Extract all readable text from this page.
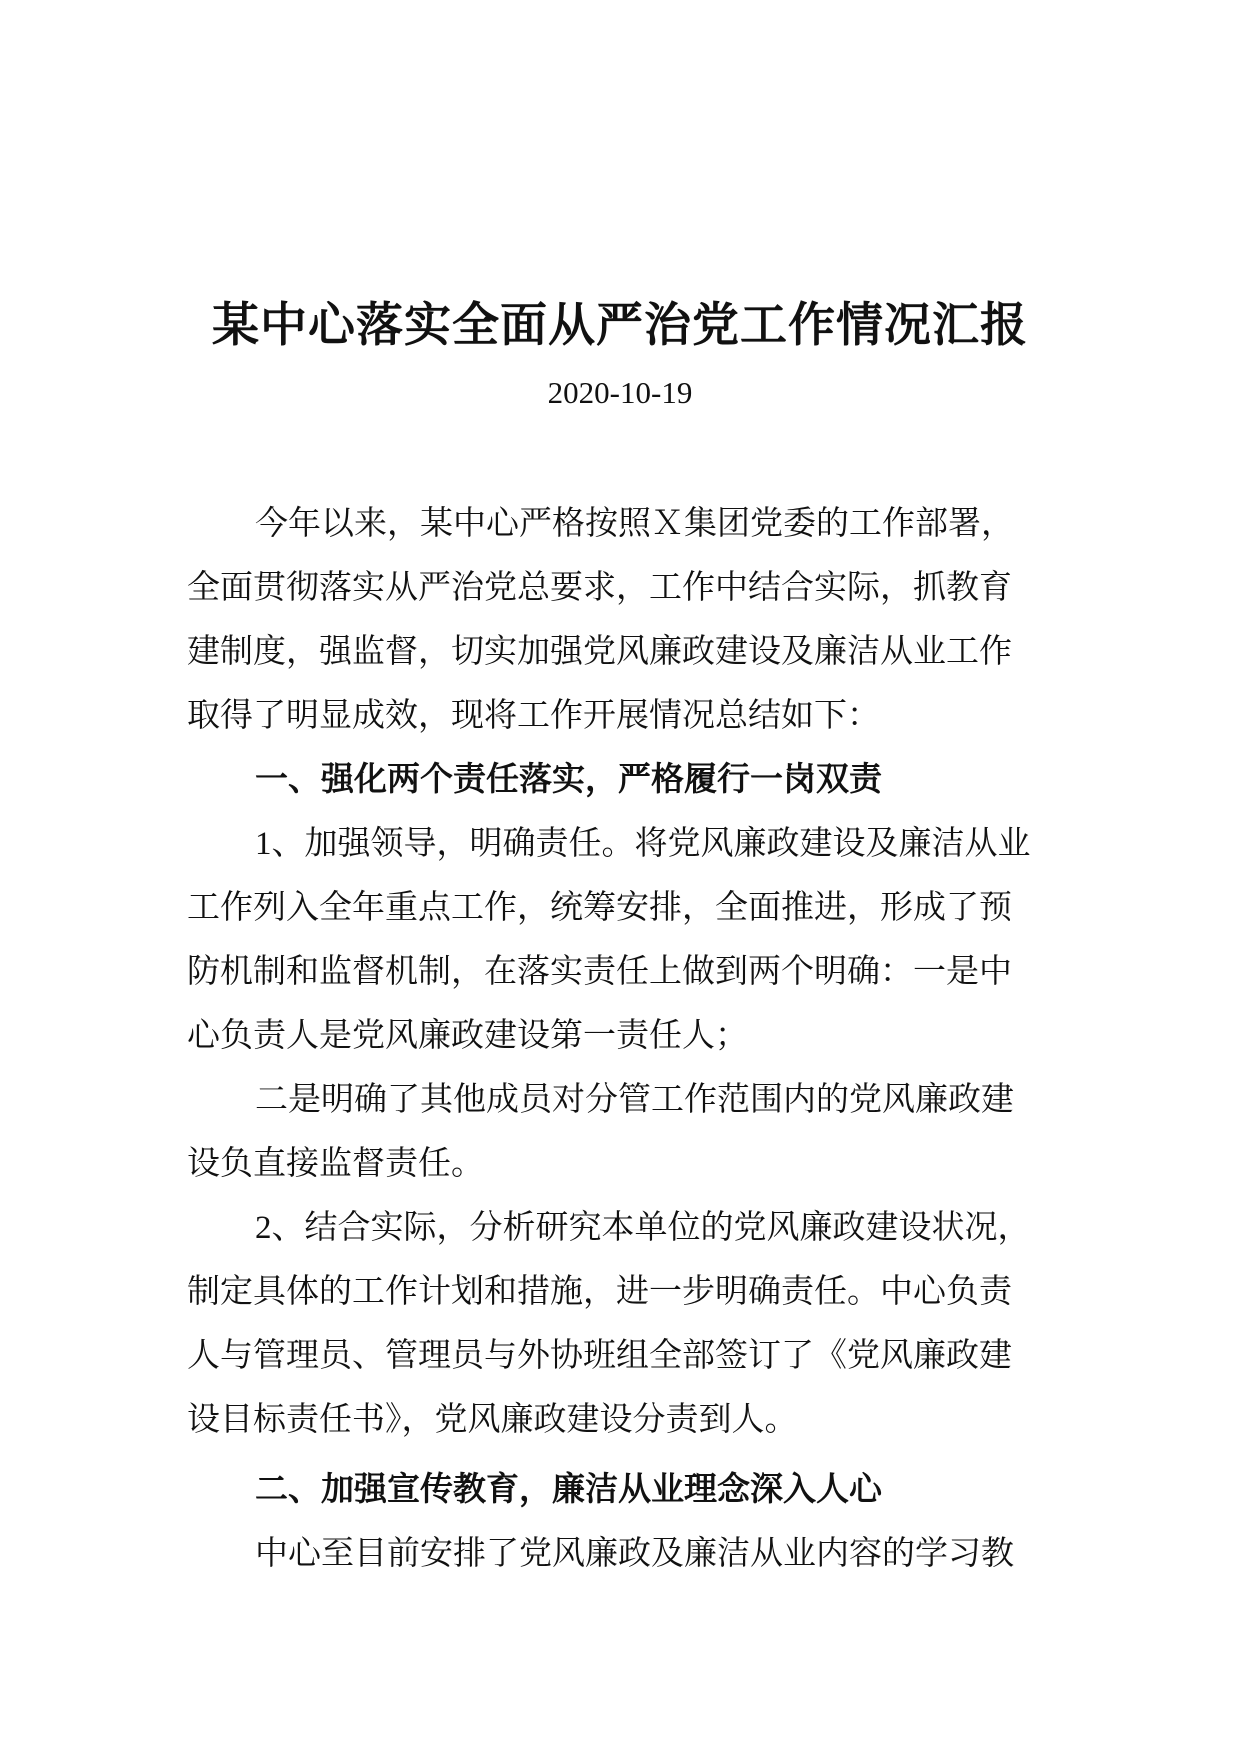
某中心落实全面从严治党工作情况汇报
2020-10-19
今年以来，某中心严格按照Ｘ集团党委的工作部署，
全面贯彻落实从严治党总要求，工作中结合实际，抓教育
建制度，强监督，切实加强党风廉政建设及廉洁从业工作
取得了明显成效，现将工作开展情况总结如下：
一、强化两个责任落实，严格履行一岗双责
1、加强领导，明确责任。将党风廉政建设及廉洁从业
工作列入全年重点工作，统筹安排，全面推进，形成了预
防机制和监督机制，在落实责任上做到两个明确：一是中
心负责人是党风廉政建设第一责任人；
二是明确了其他成员对分管工作范围内的党风廉政建
设负直接监督责任。
2、结合实际，分析研究本单位的党风廉政建设状况，
制定具体的工作计划和措施，进一步明确责任。中心负责
人与管理员、管理员与外协班组全部签订了《党风廉政建
设目标责任书》，党风廉政建设分责到人。
二、加强宣传教育，廉洁从业理念深入人心
中心至目前安排了党风廉政及廉洁从业内容的学习教
